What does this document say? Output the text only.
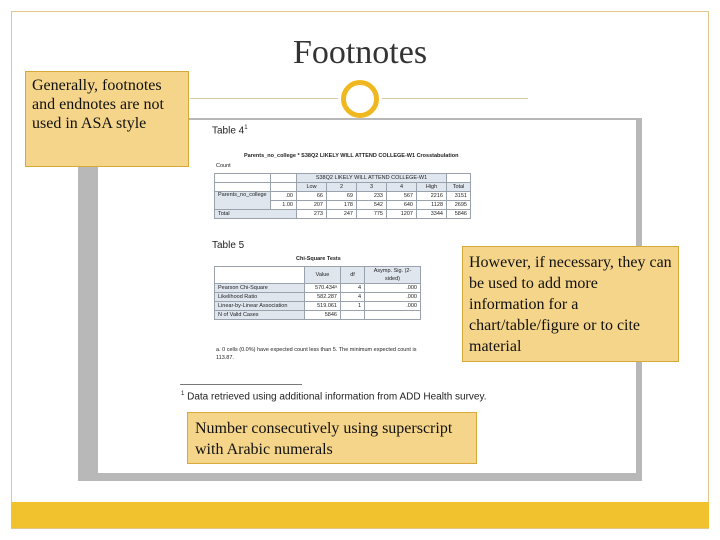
Footnotes
Table $4^1$
Parents_no_college * S38Q2 LIKELY WILL ATTEND COLLEGE-W1 Crosstabulation
Count
		S38Q2 LIKELY WILL ATTEND COLLEGE-W1					
		Low	2	3	4	High	Total
Parents_no_college	.00	66	69	233	567	2216	3151
	1.00	207	178	542	640	1128	2695
Total		273	247	775	1207	3344	5846
Table 5
Chi-Square Tests
	Value	df	Asymp. Sig. (2-sided)
Pearson Chi-Square	570.434ᵃ	4	.000
Likelihood Ratio	582.287	4	.000
Linear-by-Linear Association	519.061	1	.000
N of Valid Cases	5846		
a. 0 cells (0.0%) have expected count less than 5. The minimum expected count is 113.87.
$^1$ Data retrieved using additional information from ADD Health survey.
Generally, footnotes and endnotes are not used in ASA style
However, if necessary, they can be used to add more information for a chart/table/figure or to cite material
Number consecutively using superscript with Arabic numerals
